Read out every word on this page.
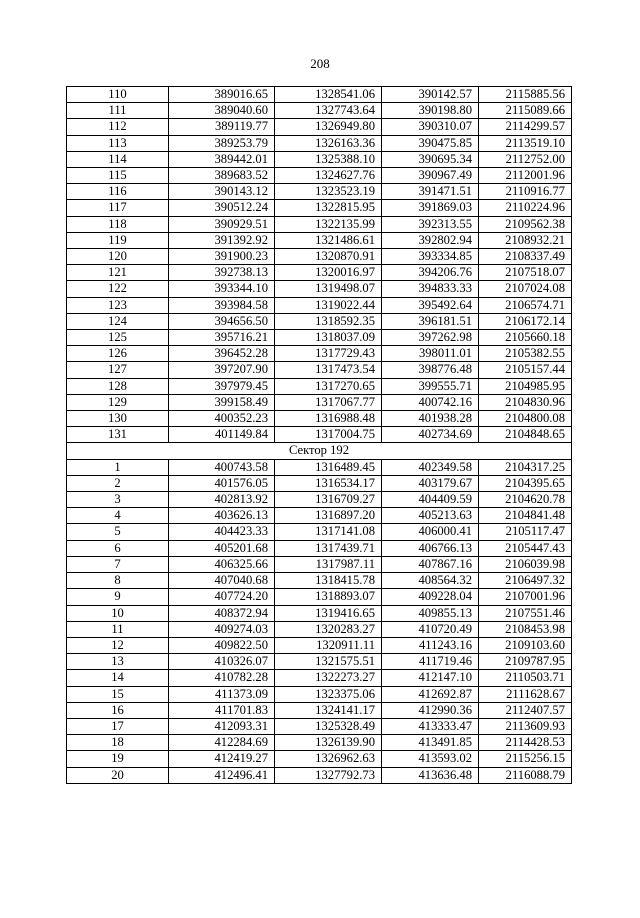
208
110	389016.65	1328541.06	390142.57	2115885.56
111	389040.60	1327743.64	390198.80	2115089.66
112	389119.77	1326949.80	390310.07	2114299.57
113	389253.79	1326163.36	390475.85	2113519.10
114	389442.01	1325388.10	390695.34	2112752.00
115	389683.52	1324627.76	390967.49	2112001.96
116	390143.12	1323523.19	391471.51	2110916.77
117	390512.24	1322815.95	391869.03	2110224.96
118	390929.51	1322135.99	392313.55	2109562.38
119	391392.92	1321486.61	392802.94	2108932.21
120	391900.23	1320870.91	393334.85	2108337.49
121	392738.13	1320016.97	394206.76	2107518.07
122	393344.10	1319498.07	394833.33	2107024.08
123	393984.58	1319022.44	395492.64	2106574.71
124	394656.50	1318592.35	396181.51	2106172.14
125	395716.21	1318037.09	397262.98	2105660.18
126	396452.28	1317729.43	398011.01	2105382.55
127	397207.90	1317473.54	398776.48	2105157.44
128	397979.45	1317270.65	399555.71	2104985.95
129	399158.49	1317067.77	400742.16	2104830.96
130	400352.23	1316988.48	401938.28	2104800.08
131	401149.84	1317004.75	402734.69	2104848.65
Сектор 192				
1	400743.58	1316489.45	402349.58	2104317.25
2	401576.05	1316534.17	403179.67	2104395.65
3	402813.92	1316709.27	404409.59	2104620.78
4	403626.13	1316897.20	405213.63	2104841.48
5	404423.33	1317141.08	406000.41	2105117.47
6	405201.68	1317439.71	406766.13	2105447.43
7	406325.66	1317987.11	407867.16	2106039.98
8	407040.68	1318415.78	408564.32	2106497.32
9	407724.20	1318893.07	409228.04	2107001.96
10	408372.94	1319416.65	409855.13	2107551.46
11	409274.03	1320283.27	410720.49	2108453.98
12	409822.50	1320911.11	411243.16	2109103.60
13	410326.07	1321575.51	411719.46	2109787.95
14	410782.28	1322273.27	412147.10	2110503.71
15	411373.09	1323375.06	412692.87	2111628.67
16	411701.83	1324141.17	412990.36	2112407.57
17	412093.31	1325328.49	413333.47	2113609.93
18	412284.69	1326139.90	413491.85	2114428.53
19	412419.27	1326962.63	413593.02	2115256.15
20	412496.41	1327792.73	413636.48	2116088.79
